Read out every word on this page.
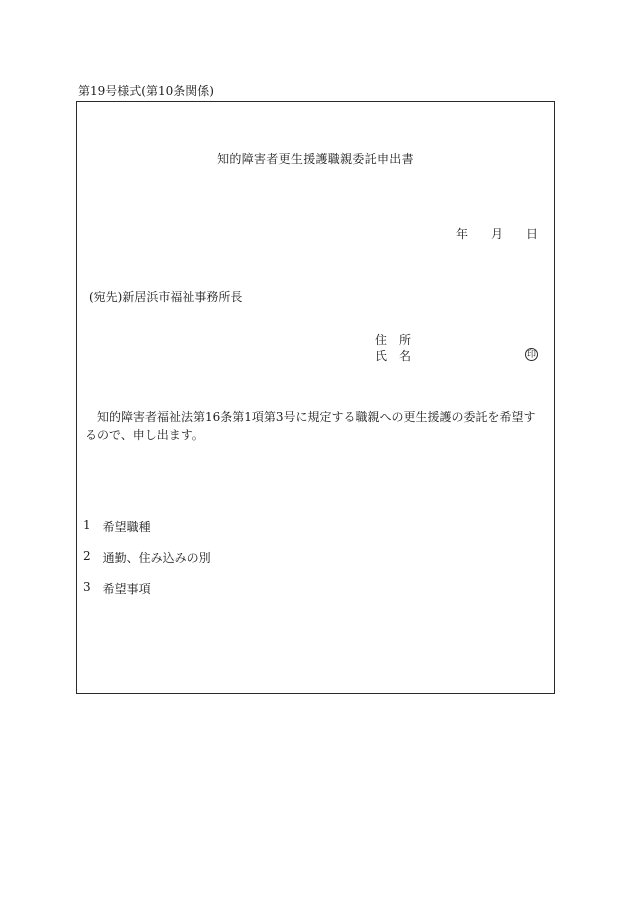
第19号様式(第10条関係)
知的障害者更生援護職親委託申出書
年 月 日
(宛先)新居浜市福祉事務所長
住 所
氏 名	印
知的障害者福祉法第16条第1項第3号に規定する職親への更生援護の委託を希望するので、申し出ます。
1 希望職種
2 通勤、住み込みの別
3 希望事項
